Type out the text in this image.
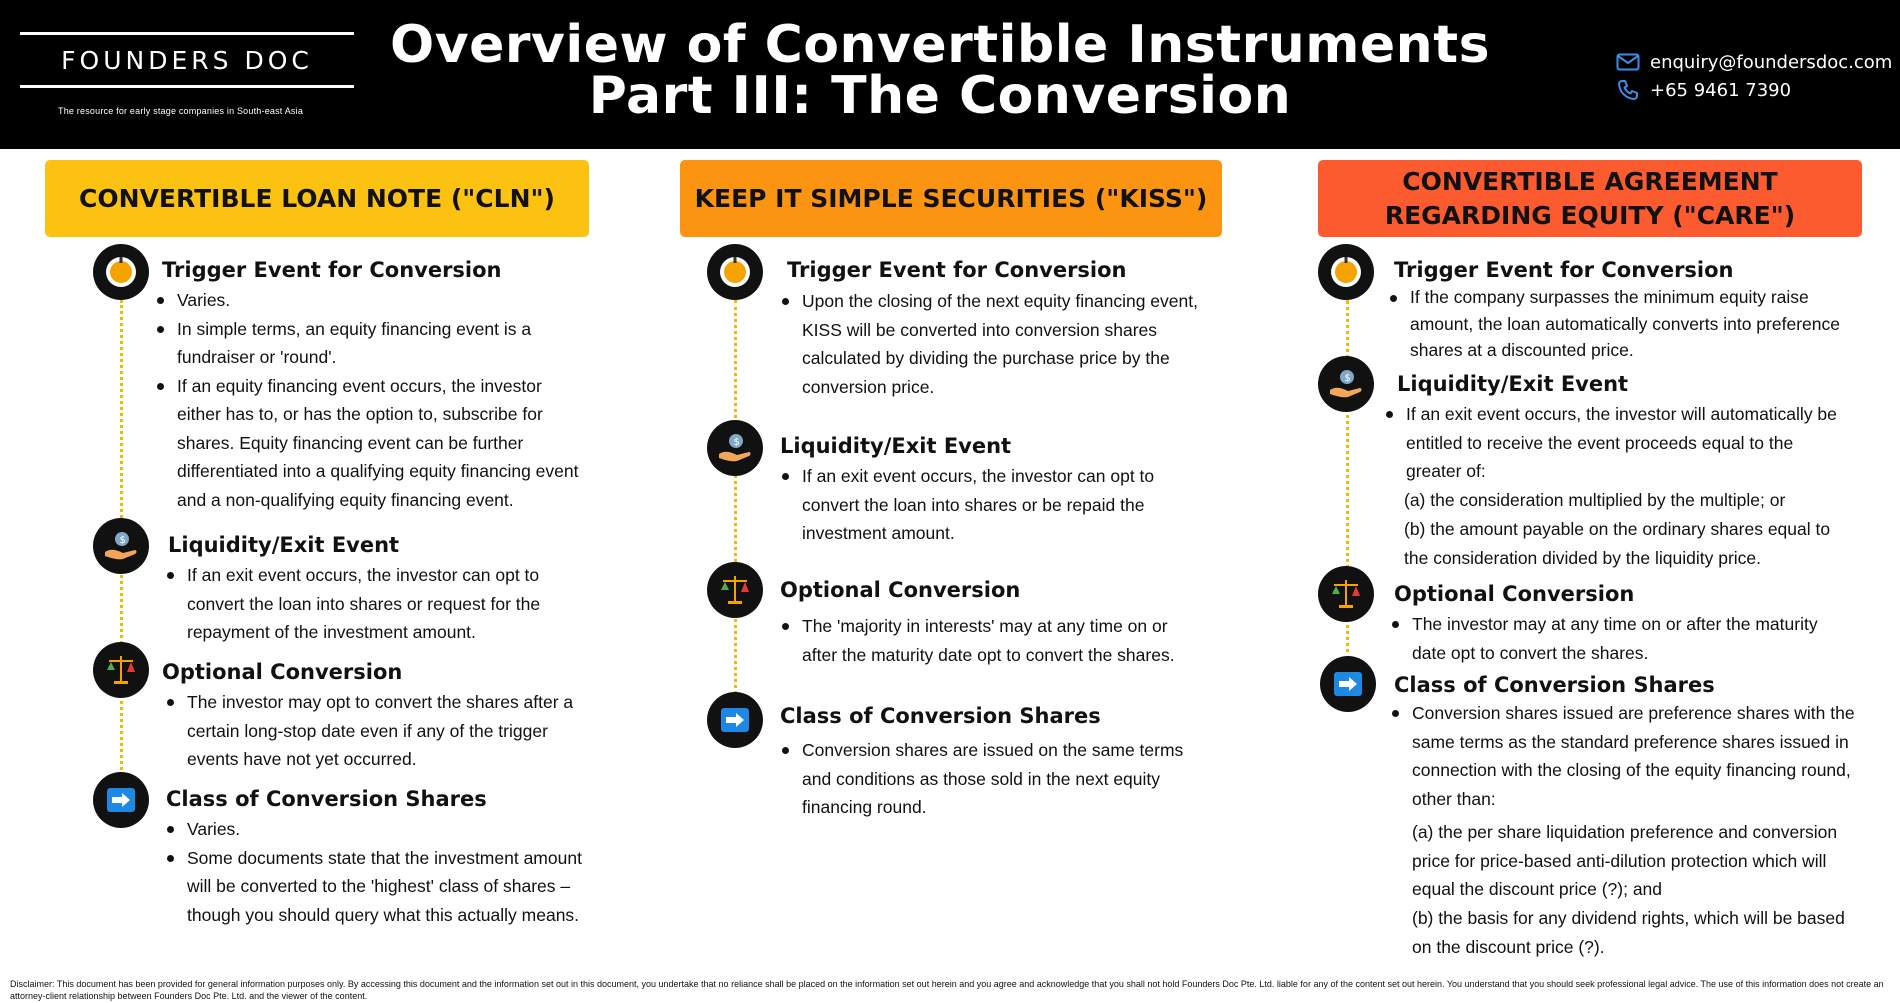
FOUNDERS DOC
The resource for early stage companies in South-east Asia
Overview of Convertible Instruments
Part III: The Conversion
enquiry@foundersdoc.com
+65 9461 7390
CONVERTIBLE LOAN NOTE ("CLN")
Trigger Event for Conversion
Varies.
In simple terms, an equity financing event is a fundraiser or 'round'.
If an equity financing event occurs, the investor either has to, or has the option to, subscribe for shares. Equity financing event can be further differentiated into a qualifying equity financing event and a non-qualifying equity financing event.
$ Liquidity/Exit Event
If an exit event occurs, the investor can opt to convert the loan into shares or request for the repayment of the investment amount.
Optional Conversion
The investor may opt to convert the shares after a certain long-stop date even if any of the trigger events have not yet occurred.
Class of Conversion Shares
Varies.
Some documents state that the investment amount will be converted to the 'highest' class of shares – though you should query what this actually means.
KEEP IT SIMPLE SECURITIES ("KISS")
Trigger Event for Conversion
Upon the closing of the next equity financing event, KISS will be converted into conversion shares calculated by dividing the purchase price by the conversion price.
$ Liquidity/Exit Event
If an exit event occurs, the investor can opt to convert the loan into shares or be repaid the investment amount.
Optional Conversion
The 'majority in interests' may at any time on or after the maturity date opt to convert the shares.
Class of Conversion Shares
Conversion shares are issued on the same terms and conditions as those sold in the next equity financing round.
CONVERTIBLE AGREEMENT REGARDING EQUITY ("CARE")
Trigger Event for Conversion
If the company surpasses the minimum equity raise amount, the loan automatically converts into preference shares at a discounted price.
$ Liquidity/Exit Event
If an exit event occurs, the investor will automatically be entitled to receive the event proceeds equal to the greater of:
(a) the consideration multiplied by the multiple; or
(b) the amount payable on the ordinary shares equal to the consideration divided by the liquidity price.
Optional Conversion
The investor may at any time on or after the maturity date opt to convert the shares.
Class of Conversion Shares
Conversion shares issued are preference shares with the same terms as the standard preference shares issued in connection with the closing of the equity financing round, other than:
(a) the per share liquidation preference and conversion price for price-based anti-dilution protection which will equal the discount price (?); and
(b) the basis for any dividend rights, which will be based on the discount price (?).
Disclaimer: This document has been provided for general information purposes only. By accessing this document and the information set out in this document, you undertake that no reliance shall be placed on the information set out herein and you agree and acknowledge that you shall not hold Founders Doc Pte. Ltd. liable for any of the content set out herein. You understand that you should seek professional legal advice. The use of this information does not create an attorney-client relationship between Founders Doc Pte. Ltd. and the viewer of the content.
